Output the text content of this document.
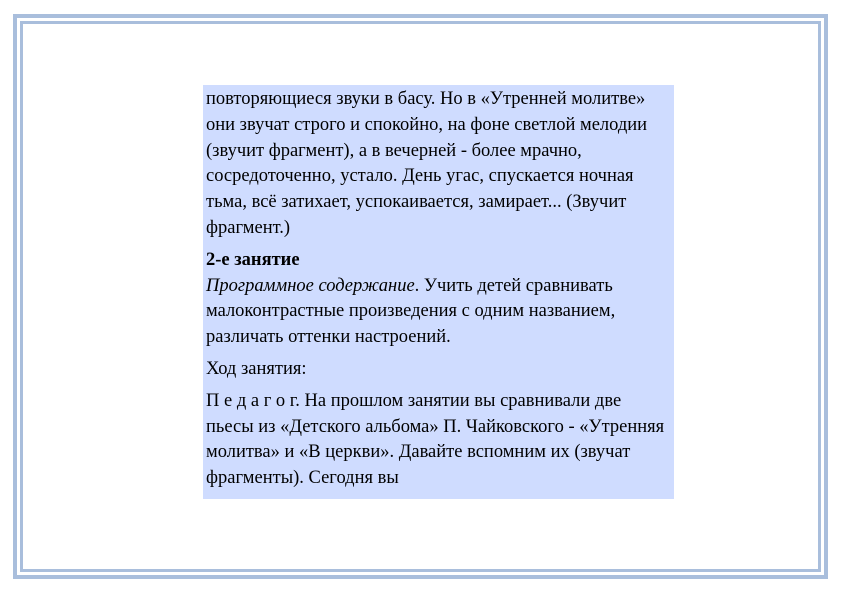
повторяющиеся звуки в басу. Но в «Утренней молитве» они звучат строго и спокойно, на фоне светлой мелодии (звучит фрагмент), а в вечерней - более мрачно, сосредоточенно, устало. День угас, спускается ночная тьма, всё затихает, успокаивается, замирает... (Звучит фрагмент.)

2-е занятие

Программное содержание. Учить детей сравнивать малоконтрастные произведения с одним названием, различать оттенки настроений.

Ход занятия:

П е д а г о г. На прошлом занятии вы сравнивали две пьесы из «Детского альбома» П. Чайковского - «Утренняя молитва» и «В церкви». Давайте вспомним их (звучат фрагменты). Сегодня вы
